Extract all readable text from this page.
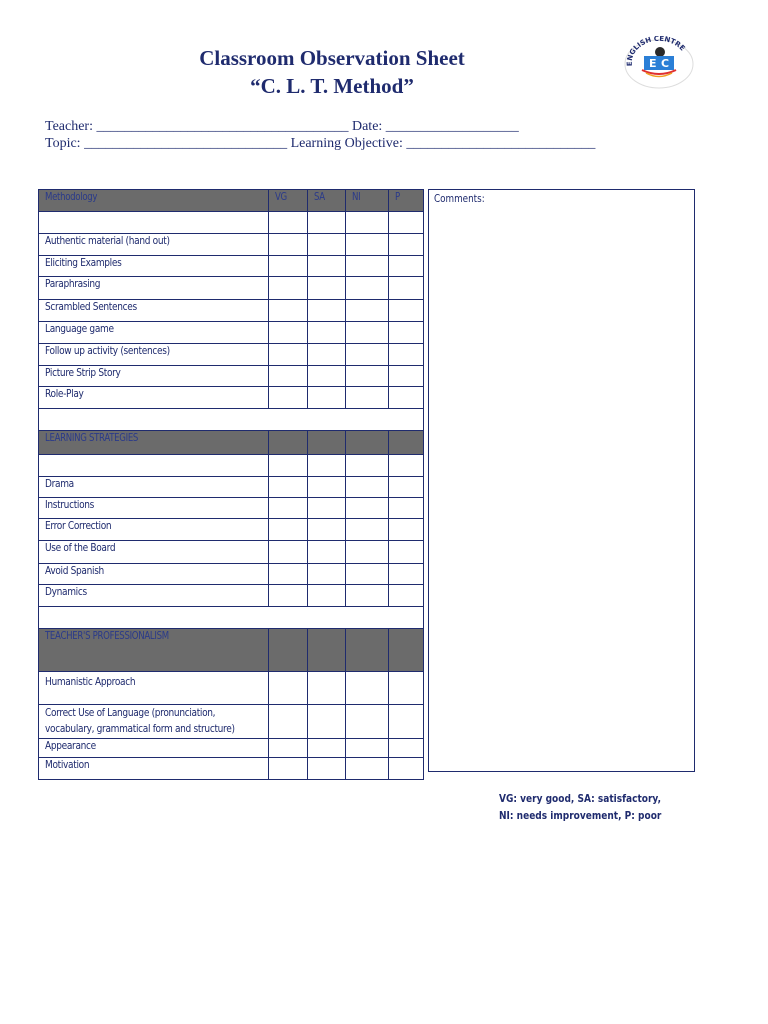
Classroom Observation Sheet
“C. L. T. Method”
ENGLISH CENTRE
E C
Teacher: ____________________________________ Date: ___________________
Topic: _____________________________ Learning Objective: ___________________________
Methodology	VG	SA	NI	P

Authentic material (hand out)				
Eliciting Examples				
Paraphrasing				
Scrambled Sentences				
Language game				
Follow up activity (sentences)				
Picture Strip Story				
Role-Play				

LEARNING STRATEGIES				

Drama				
Instructions				
Error Correction				
Use of the Board				
Avoid Spanish				
Dynamics				

TEACHER'S PROFESSIONALISM				
Humanistic Approach				
Correct Use of Language (pronunciation, vocabulary, grammatical form and structure)				
Appearance				
Motivation				
Comments:
VG: very good, SA: satisfactory,
NI: needs improvement, P: poor
